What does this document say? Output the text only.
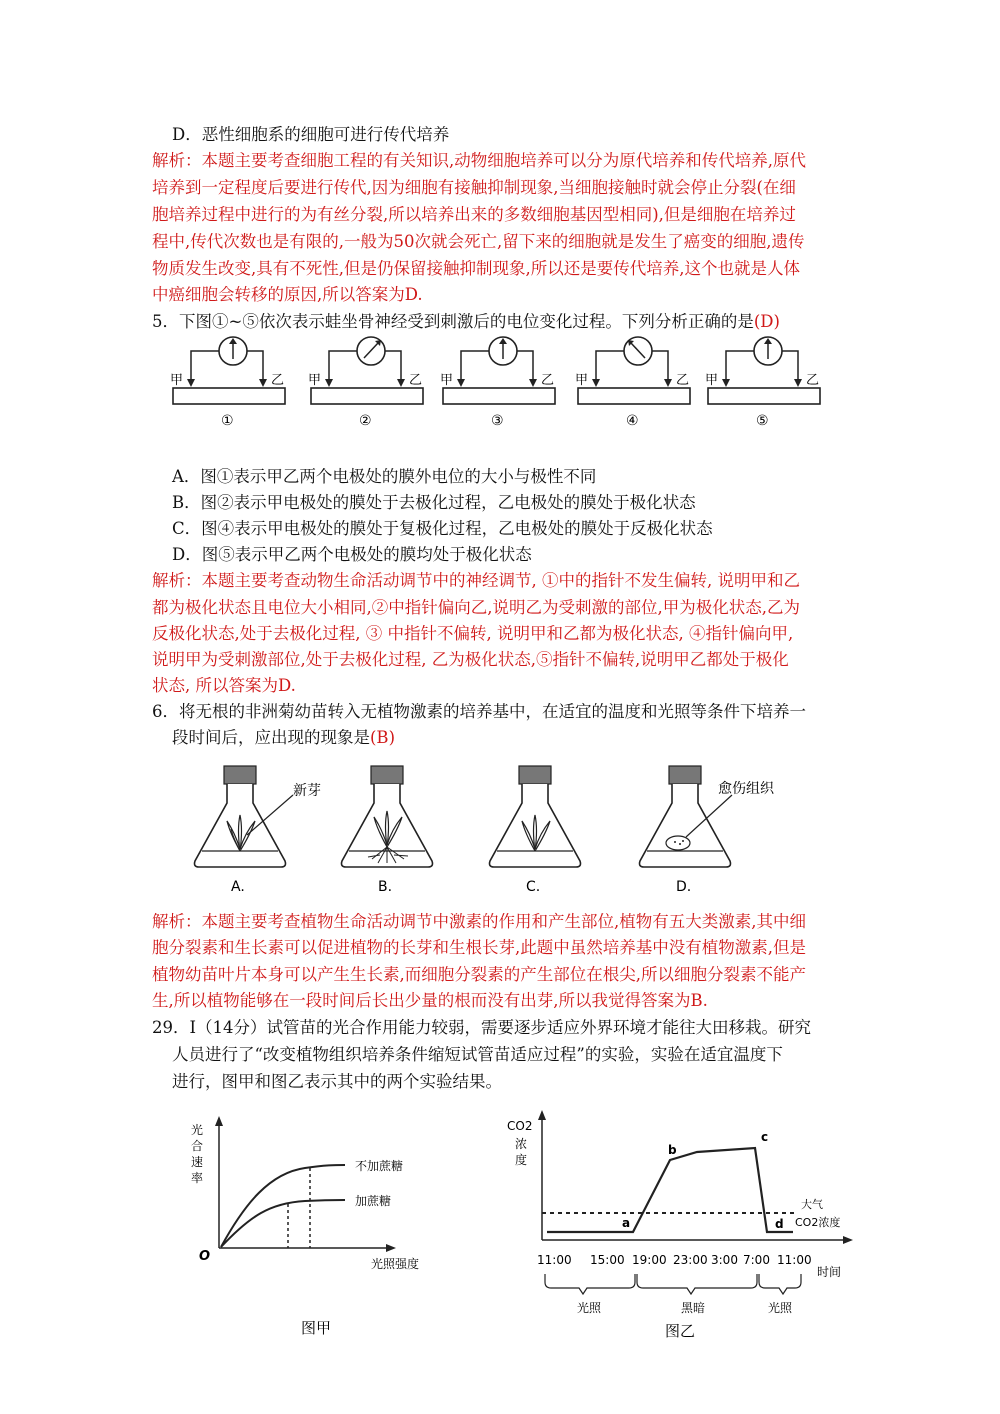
D．恶性细胞系的细胞可进行传代培养
解析：本题主要考查细胞工程的有关知识,动物细胞培养可以分为原代培养和传代培养,原代
培养到一定程度后要进行传代,因为细胞有接触抑制现象,当细胞接触时就会停止分裂(在细
胞培养过程中进行的为有丝分裂,所以培养出来的多数细胞基因型相同),但是细胞在培养过
程中,传代次数也是有限的,一般为50次就会死亡,留下来的细胞就是发生了癌变的细胞,遗传
物质发生改变,具有不死性,但是仍保留接触抑制现象,所以还是要传代培养,这个也就是人体
中癌细胞会转移的原因,所以答案为D.
5．下图①~⑤依次表示蛙坐骨神经受到刺激后的电位变化过程。下列分析正确的是(D)
甲	乙
①
甲	乙
②
甲	乙
③
甲	乙
④
甲	乙
⑤
A．图①表示甲乙两个电极处的膜外电位的大小与极性不同
B．图②表示甲电极处的膜处于去极化过程，乙电极处的膜处于极化状态
C．图④表示甲电极处的膜处于复极化过程，乙电极处的膜处于反极化状态
D．图⑤表示甲乙两个电极处的膜均处于极化状态
解析：本题主要考查动物生命活动调节中的神经调节, ①中的指针不发生偏转, 说明甲和乙
都为极化状态且电位大小相同,②中指针偏向乙,说明乙为受刺激的部位,甲为极化状态,乙为
反极化状态,处于去极化过程, ③ 中指针不偏转, 说明甲和乙都为极化状态, ④指针偏向甲,
说明甲为受刺激部位,处于去极化过程, 乙为极化状态,⑤指针不偏转,说明甲乙都处于极化
状态, 所以答案为D.
6．将无根的非洲菊幼苗转入无植物激素的培养基中，在适宜的温度和光照等条件下培养一
段时间后，应出现的现象是(B)
新芽
A.	B.	C.
愈伤组织
D.
解析：本题主要考查植物生命活动调节中激素的作用和产生部位,植物有五大类激素,其中细
胞分裂素和生长素可以促进植物的长芽和生根长芽,此题中虽然培养基中没有植物激素,但是
植物幼苗叶片本身可以产生生长素,而细胞分裂素的产生部位在根尖,所以细胞分裂素不能产
生,所以植物能够在一段时间后长出少量的根而没有出芽,所以我觉得答案为B.
29．I（14分）试管苗的光合作用能力较弱，需要逐步适应外界环境才能往大田移栽。研究
人员进行了“改变植物组织培养条件缩短试管苗适应过程”的实验，实验在适宜温度下
进行，图甲和图乙表示其中的两个实验结果。
光
合
速
率
O	光照强度
不加蔗糖
加蔗糖
图甲
CO2
浓
度
a
b
c
d
大气
CO2浓度
11:00 15:00 19:00 23:00 3:00 7:00 11:00
时间
光照	黑暗	光照
图乙
